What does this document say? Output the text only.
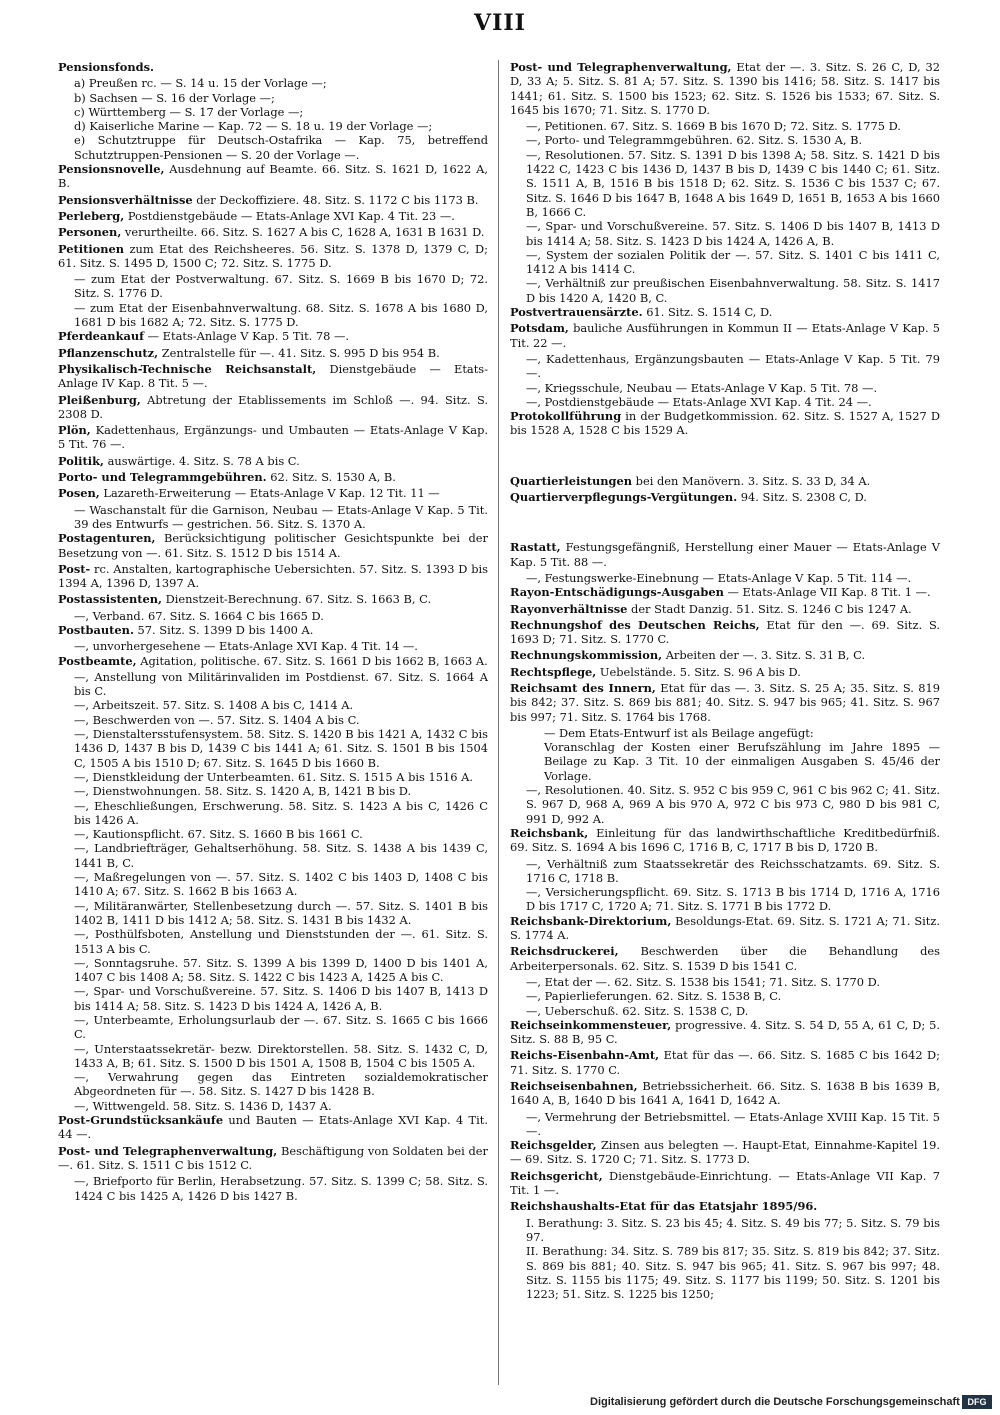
VIII

Pensionsfonds.

a) Preußen rc. — S. 14 u. 15 der Vorlage —;

b) Sachsen — S. 16 der Vorlage —;

c) Württemberg — S. 17 der Vorlage —;

d) Kaiserliche Marine — Kap. 72 — S. 18 u. 19 der Vorlage —;

e) Schutztruppe für Deutsch-Ostafrika — Kap. 75, betreffend Schutztruppen-Pensionen — S. 20 der Vorlage —.

Pensionsnovelle, Ausdehnung auf Beamte. 66. Sitz. S. 1621 D, 1622 A, B.

Pensionsverhältnisse der Deckoffiziere. 48. Sitz. S. 1172 C bis 1173 B.

Perleberg, Postdienstgebäude — Etats-Anlage XVI Kap. 4 Tit. 23 —.

Personen, verurtheilte. 66. Sitz. S. 1627 A bis C, 1628 A, 1631 B 1631 D.

Petitionen zum Etat des Reichsheeres. 56. Sitz. S. 1378 D, 1379 C, D; 61. Sitz. S. 1495 D, 1500 C; 72. Sitz. S. 1775 D.

— zum Etat der Postverwaltung. 67. Sitz. S. 1669 B bis 1670 D; 72. Sitz. S. 1776 D.

— zum Etat der Eisenbahnverwaltung. 68. Sitz. S. 1678 A bis 1680 D, 1681 D bis 1682 A; 72. Sitz. S. 1775 D.

Pferdeankauf — Etats-Anlage V Kap. 5 Tit. 78 —.

Pflanzenschutz, Zentralstelle für —. 41. Sitz. S. 995 D bis 954 B.

Physikalisch-Technische Reichsanstalt, Dienstgebäude — Etats-Anlage IV Kap. 8 Tit. 5 —.

Pleißenburg, Abtretung der Etablissements im Schloß —. 94. Sitz. S. 2308 D.

Plön, Kadettenhaus, Ergänzungs- und Umbauten — Etats-Anlage V Kap. 5 Tit. 76 —.

Politik, auswärtige. 4. Sitz. S. 78 A bis C.

Porto- und Telegrammgebühren. 62. Sitz. S. 1530 A, B.

Posen, Lazareth-Erweiterung — Etats-Anlage V Kap. 12 Tit. 11 —

— Waschanstalt für die Garnison, Neubau — Etats-Anlage V Kap. 5 Tit. 39 des Entwurfs — gestrichen. 56. Sitz. S. 1370 A.

Postagenturen, Berücksichtigung politischer Gesichtspunkte bei der Besetzung von —. 61. Sitz. S. 1512 D bis 1514 A.

Post- rc. Anstalten, kartographische Uebersichten. 57. Sitz. S. 1393 D bis 1394 A, 1396 D, 1397 A.

Postassistenten, Dienstzeit-Berechnung. 67. Sitz. S. 1663 B, C.

—, Verband. 67. Sitz. S. 1664 C bis 1665 D.

Postbauten. 57. Sitz. S. 1399 D bis 1400 A.

—, unvorhergesehene — Etats-Anlage XVI Kap. 4 Tit. 14 —.

Postbeamte, Agitation, politische. 67. Sitz. S. 1661 D bis 1662 B, 1663 A.

—, Anstellung von Militärinvaliden im Postdienst. 67. Sitz. S. 1664 A bis C.

—, Arbeitszeit. 57. Sitz. S. 1408 A bis C, 1414 A.

—, Beschwerden von —. 57. Sitz. S. 1404 A bis C.

—, Dienstaltersstufensystem. 58. Sitz. S. 1420 B bis 1421 A, 1432 C bis 1436 D, 1437 B bis D, 1439 C bis 1441 A; 61. Sitz. S. 1501 B bis 1504 C, 1505 A bis 1510 D; 67. Sitz. S. 1645 D bis 1660 B.

—, Dienstkleidung der Unterbeamten. 61. Sitz. S. 1515 A bis 1516 A.

—, Dienstwohnungen. 58. Sitz. S. 1420 A, B, 1421 B bis D.

—, Eheschließungen, Erschwerung. 58. Sitz. S. 1423 A bis C, 1426 C bis 1426 A.

—, Kautionspflicht. 67. Sitz. S. 1660 B bis 1661 C.

—, Landbriefträger, Gehaltserhöhung. 58. Sitz. S. 1438 A bis 1439 C, 1441 B, C.

—, Maßregelungen von —. 57. Sitz. S. 1402 C bis 1403 D, 1408 C bis 1410 A; 67. Sitz. S. 1662 B bis 1663 A.

—, Militäranwärter, Stellenbesetzung durch —. 57. Sitz. S. 1401 B bis 1402 B, 1411 D bis 1412 A; 58. Sitz. S. 1431 B bis 1432 A.

—, Posthülfsboten, Anstellung und Dienststunden der —. 61. Sitz. S. 1513 A bis C.

—, Sonntagsruhe. 57. Sitz. S. 1399 A bis 1399 D, 1400 D bis 1401 A, 1407 C bis 1408 A; 58. Sitz. S. 1422 C bis 1423 A, 1425 A bis C.

—, Spar- und Vorschußvereine. 57. Sitz. S. 1406 D bis 1407 B, 1413 D bis 1414 A; 58. Sitz. S. 1423 D bis 1424 A, 1426 A, B.

—, Unterbeamte, Erholungsurlaub der —. 67. Sitz. S. 1665 C bis 1666 C.

—, Unterstaatssekretär- bezw. Direktorstellen. 58. Sitz. S. 1432 C, D, 1433 A, B; 61. Sitz. S. 1500 D bis 1501 A, 1508 B, 1504 C bis 1505 A.

—, Verwahrung gegen das Eintreten sozialdemokratischer Abgeordneten für —. 58. Sitz. S. 1427 D bis 1428 B.

—, Wittwengeld. 58. Sitz. S. 1436 D, 1437 A.

Post-Grundstücksankäufe und Bauten — Etats-Anlage XVI Kap. 4 Tit. 44 —.

Post- und Telegraphenverwaltung, Beschäftigung von Soldaten bei der —. 61. Sitz. S. 1511 C bis 1512 C.

—, Briefporto für Berlin, Herabsetzung. 57. Sitz. S. 1399 C; 58. Sitz. S. 1424 C bis 1425 A, 1426 D bis 1427 B.

Post- und Telegraphenverwaltung, Etat der —. 3. Sitz. S. 26 C, D, 32 D, 33 A; 5. Sitz. S. 81 A; 57. Sitz. S. 1390 bis 1416; 58. Sitz. S. 1417 bis 1441; 61. Sitz. S. 1500 bis 1523; 62. Sitz. S. 1526 bis 1533; 67. Sitz. S. 1645 bis 1670; 71. Sitz. S. 1770 D.

—, Petitionen. 67. Sitz. S. 1669 B bis 1670 D; 72. Sitz. S. 1775 D.

—, Porto- und Telegrammgebühren. 62. Sitz. S. 1530 A, B.

—, Resolutionen. 57. Sitz. S. 1391 D bis 1398 A; 58. Sitz. S. 1421 D bis 1422 C, 1423 C bis 1436 D, 1437 B bis D, 1439 C bis 1440 C; 61. Sitz. S. 1511 A, B, 1516 B bis 1518 D; 62. Sitz. S. 1536 C bis 1537 C; 67. Sitz. S. 1646 D bis 1647 B, 1648 A bis 1649 D, 1651 B, 1653 A bis 1660 B, 1666 C.

—, Spar- und Vorschußvereine. 57. Sitz. S. 1406 D bis 1407 B, 1413 D bis 1414 A; 58. Sitz. S. 1423 D bis 1424 A, 1426 A, B.

—, System der sozialen Politik der —. 57. Sitz. S. 1401 C bis 1411 C, 1412 A bis 1414 C.

—, Verhältniß zur preußischen Eisenbahnverwaltung. 58. Sitz. S. 1417 D bis 1420 A, 1420 B, C.

Postvertrauensärzte. 61. Sitz. S. 1514 C, D.

Potsdam, bauliche Ausführungen in Kommun II — Etats-Anlage V Kap. 5 Tit. 22 —.

—, Kadettenhaus, Ergänzungsbauten — Etats-Anlage V Kap. 5 Tit. 79 —.

—, Kriegsschule, Neubau — Etats-Anlage V Kap. 5 Tit. 78 —.

—, Postdienstgebäude — Etats-Anlage XVI Kap. 4 Tit. 24 —.

Protokollführung in der Budgetkommission. 62. Sitz. S. 1527 A, 1527 D bis 1528 A, 1528 C bis 1529 A.

Quartierleistungen bei den Manövern. 3. Sitz. S. 33 D, 34 A.

Quartierverpflegungs-Vergütungen. 94. Sitz. S. 2308 C, D.

Rastatt, Festungsgefängniß, Herstellung einer Mauer — Etats-Anlage V Kap. 5 Tit. 88 —.

—, Festungswerke-Einebnung — Etats-Anlage V Kap. 5 Tit. 114 —.

Rayon-Entschädigungs-Ausgaben — Etats-Anlage VII Kap. 8 Tit. 1 —.

Rayonverhältnisse der Stadt Danzig. 51. Sitz. S. 1246 C bis 1247 A.

Rechnungshof des Deutschen Reichs, Etat für den —. 69. Sitz. S. 1693 D; 71. Sitz. S. 1770 C.

Rechnungskommission, Arbeiten der —. 3. Sitz. S. 31 B, C.

Rechtspflege, Uebelstände. 5. Sitz. S. 96 A bis D.

Reichsamt des Innern, Etat für das —. 3. Sitz. S. 25 A; 35. Sitz. S. 819 bis 842; 37. Sitz. S. 869 bis 881; 40. Sitz. S. 947 bis 965; 41. Sitz. S. 967 bis 997; 71. Sitz. S. 1764 bis 1768.

— Dem Etats-Entwurf ist als Beilage angefügt:

Voranschlag der Kosten einer Berufszählung im Jahre 1895 — Beilage zu Kap. 3 Tit. 10 der einmaligen Ausgaben S. 45/46 der Vorlage.

—, Resolutionen. 40. Sitz. S. 952 C bis 959 C, 961 C bis 962 C; 41. Sitz. S. 967 D, 968 A, 969 A bis 970 A, 972 C bis 973 C, 980 D bis 981 C, 991 D, 992 A.

Reichsbank, Einleitung für das landwirthschaftliche Kreditbedürfniß. 69. Sitz. S. 1694 A bis 1696 C, 1716 B, C, 1717 B bis D, 1720 B.

—, Verhältniß zum Staatssekretär des Reichsschatzamts. 69. Sitz. S. 1716 C, 1718 B.

—, Versicherungspflicht. 69. Sitz. S. 1713 B bis 1714 D, 1716 A, 1716 D bis 1717 C, 1720 A; 71. Sitz. S. 1771 B bis 1772 D.

Reichsbank-Direktorium, Besoldungs-Etat. 69. Sitz. S. 1721 A; 71. Sitz. S. 1774 A.

Reichsdruckerei, Beschwerden über die Behandlung des Arbeiterpersonals. 62. Sitz. S. 1539 D bis 1541 C.

—, Etat der —. 62. Sitz. S. 1538 bis 1541; 71. Sitz. S. 1770 D.

—, Papierlieferungen. 62. Sitz. S. 1538 B, C.

—, Ueberschuß. 62. Sitz. S. 1538 C, D.

Reichseinkommensteuer, progressive. 4. Sitz. S. 54 D, 55 A, 61 C, D; 5. Sitz. S. 88 B, 95 C.

Reichs-Eisenbahn-Amt, Etat für das —. 66. Sitz. S. 1685 C bis 1642 D; 71. Sitz. S. 1770 C.

Reichseisenbahnen, Betriebssicherheit. 66. Sitz. S. 1638 B bis 1639 B, 1640 A, B, 1640 D bis 1641 A, 1641 D, 1642 A.

—, Vermehrung der Betriebsmittel. — Etats-Anlage XVIII Kap. 15 Tit. 5 —.

Reichsgelder, Zinsen aus belegten —. Haupt-Etat, Einnahme-Kapitel 19. — 69. Sitz. S. 1720 C; 71. Sitz. S. 1773 D.

Reichsgericht, Dienstgebäude-Einrichtung. — Etats-Anlage VII Kap. 7 Tit. 1 —.

Reichshaushalts-Etat für das Etatsjahr 1895/96.

I. Berathung: 3. Sitz. S. 23 bis 45; 4. Sitz. S. 49 bis 77; 5. Sitz. S. 79 bis 97.

II. Berathung: 34. Sitz. S. 789 bis 817; 35. Sitz. S. 819 bis 842; 37. Sitz. S. 869 bis 881; 40. Sitz. S. 947 bis 965; 41. Sitz. S. 967 bis 997; 48. Sitz. S. 1155 bis 1175; 49. Sitz. S. 1177 bis 1199; 50. Sitz. S. 1201 bis 1223; 51. Sitz. S. 1225 bis 1250;

Digitalisierung gefördert durch die Deutsche Forschungsgemeinschaft DFG
